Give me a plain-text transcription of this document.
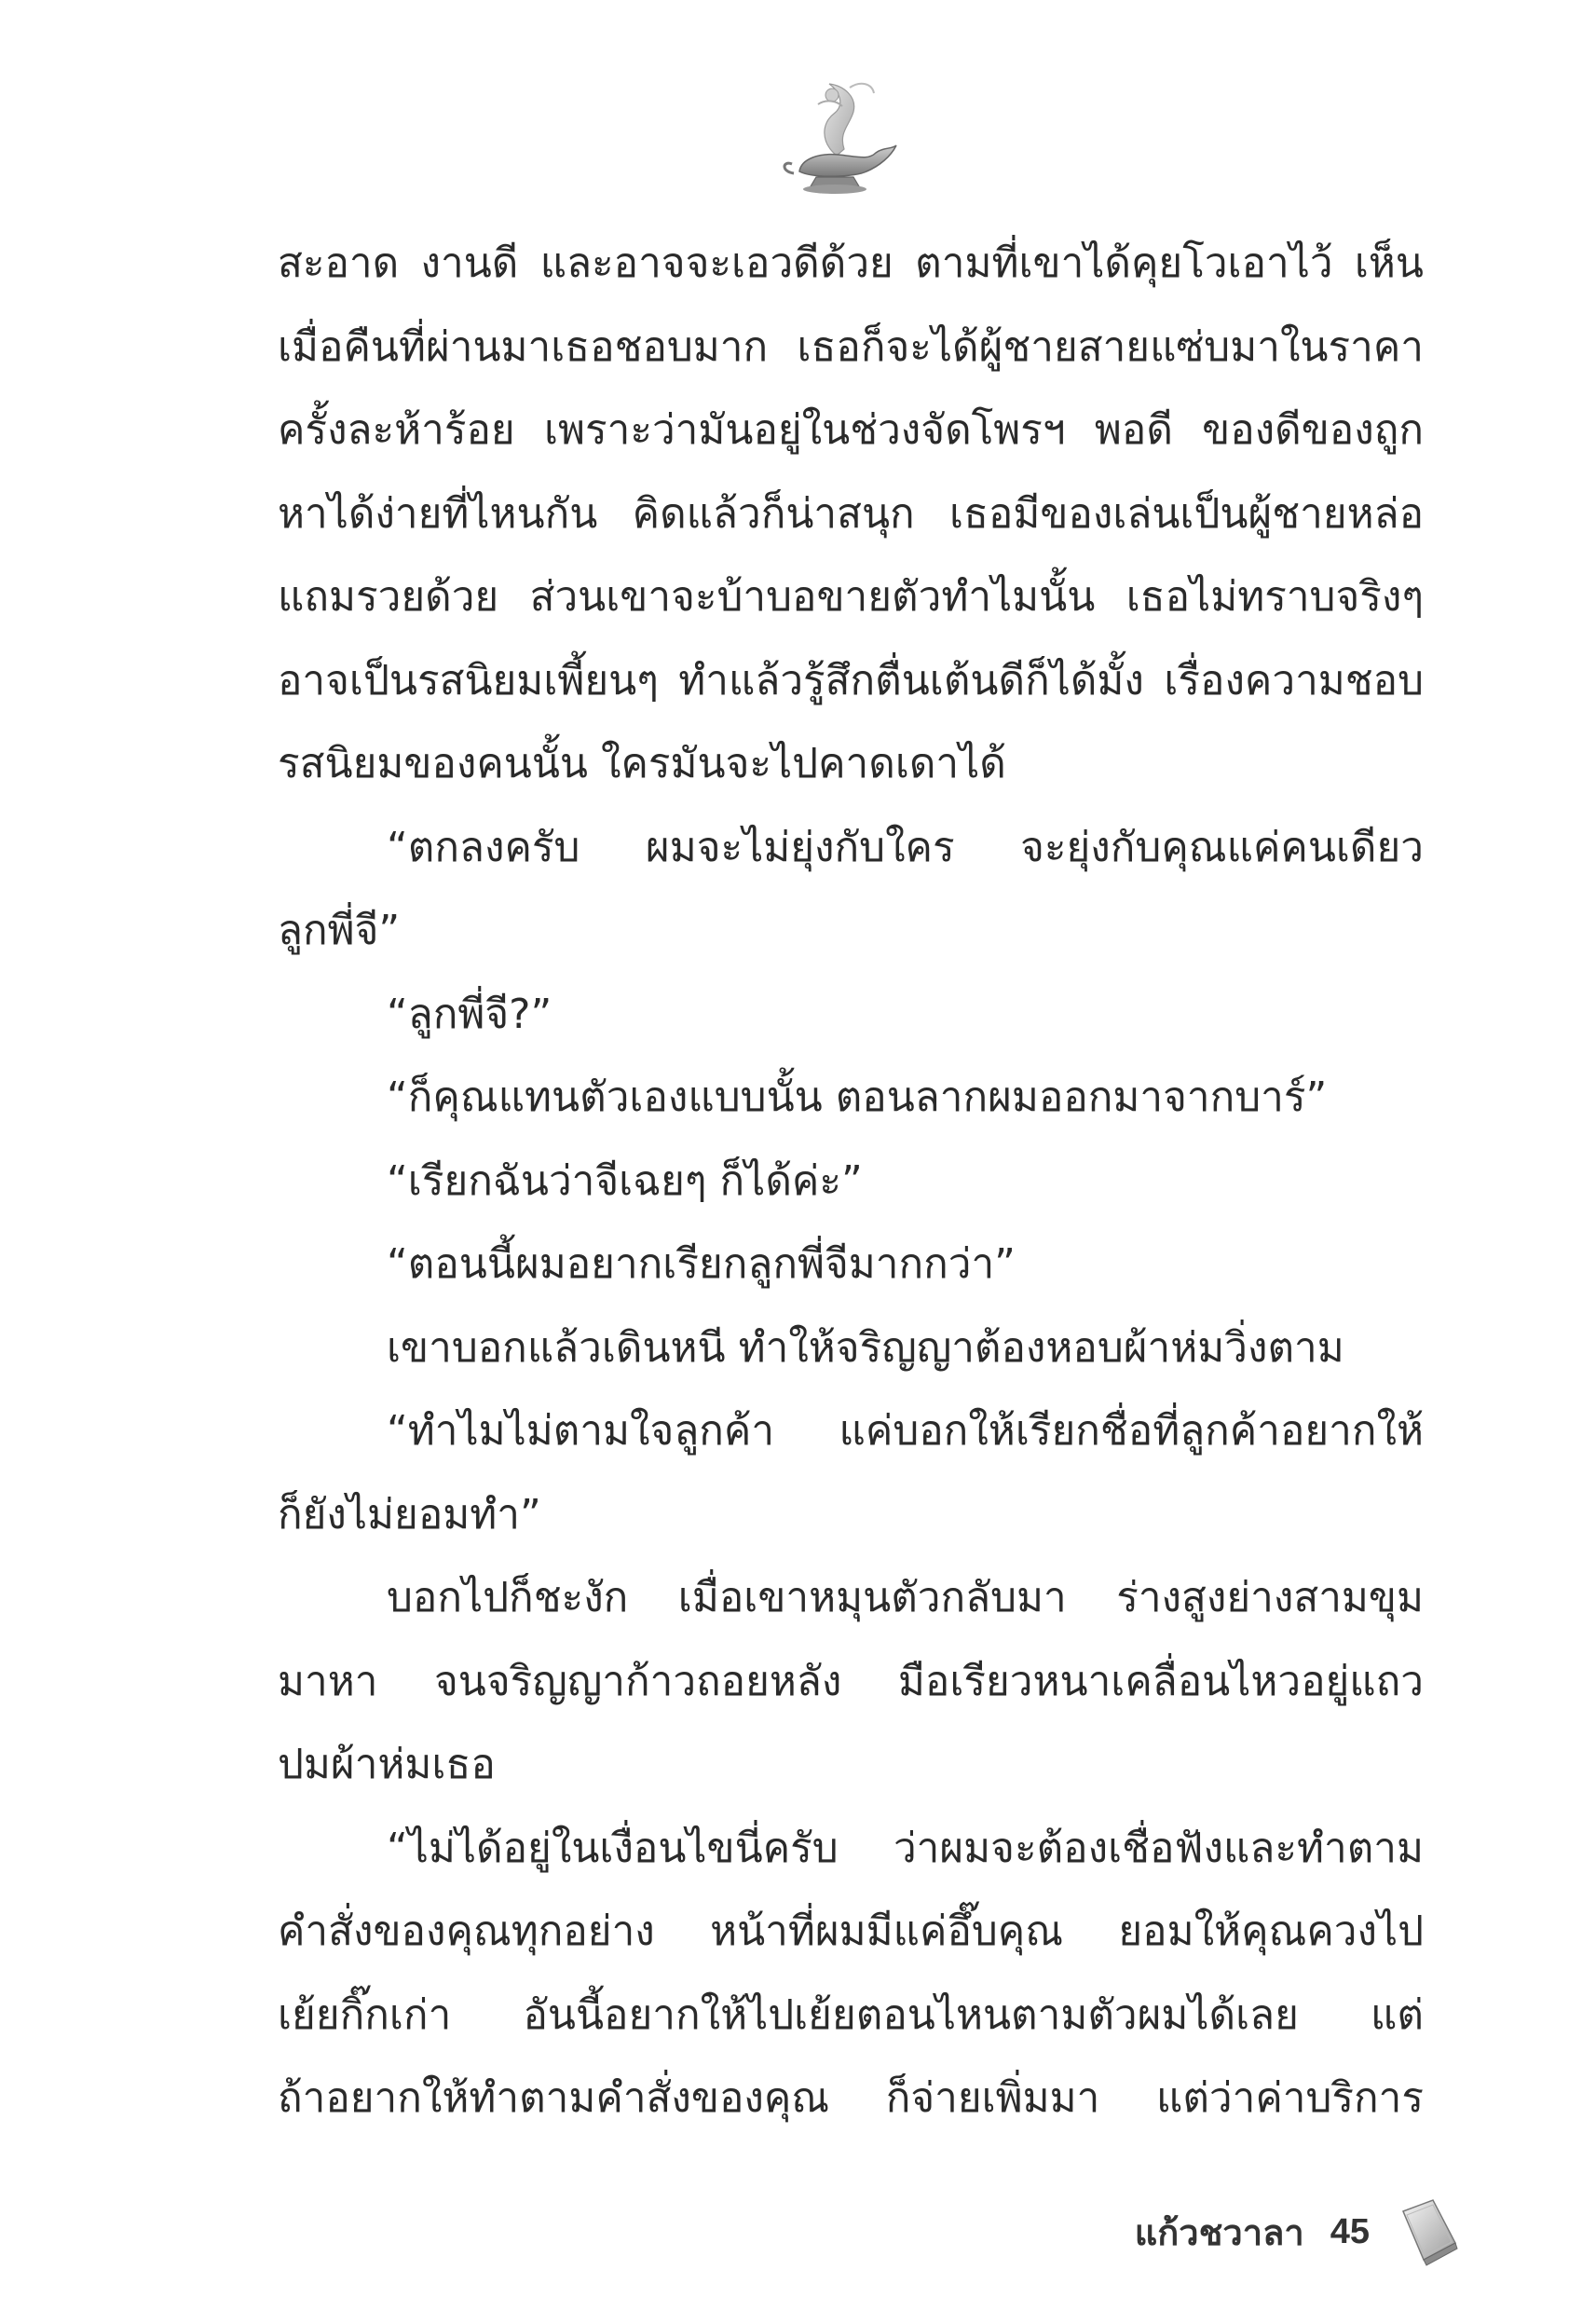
สะอาด งานดี และอาจจะเอวดีด้วย ตามที่เขาได้คุยโวเอาไว้ เห็น
เมื่อคืนที่ผ่านมาเธอชอบมาก เธอก็จะได้ผู้ชายสายแซ่บมาในราคา
ครั้งละห้าร้อย เพราะว่ามันอยู่ในช่วงจัดโพรฯ พอดี ของดีของถูก
หาได้ง่ายที่ไหนกัน คิดแล้วก็น่าสนุก เธอมีของเล่นเป็นผู้ชายหล่อ
แถมรวยด้วย ส่วนเขาจะบ้าบอขายตัวทำไมนั้น เธอไม่ทราบจริงๆ
อาจเป็นรสนิยมเพี้ยนๆ ทำแล้วรู้สึกตื่นเต้นดีก็ได้มั้ง เรื่องความชอบ
รสนิยมของคนนั้น ใครมันจะไปคาดเดาได้
“ตกลงครับ ผมจะไม่ยุ่งกับใคร จะยุ่งกับคุณแค่คนเดียว
ลูกพี่จี”
“ลูกพี่จี?”
“ก็คุณแทนตัวเองแบบนั้น ตอนลากผมออกมาจากบาร์”
“เรียกฉันว่าจีเฉยๆ ก็ได้ค่ะ”
“ตอนนี้ผมอยากเรียกลูกพี่จีมากกว่า”
เขาบอกแล้วเดินหนี ทำให้จริญญาต้องหอบผ้าห่มวิ่งตาม
“ทำไมไม่ตามใจลูกค้า แค่บอกให้เรียกชื่อที่ลูกค้าอยากให้
ก็ยังไม่ยอมทำ”
บอกไปก็ชะงัก เมื่อเขาหมุนตัวกลับมา ร่างสูงย่างสามขุม
มาหา จนจริญญาก้าวถอยหลัง มือเรียวหนาเคลื่อนไหวอยู่แถว
ปมผ้าห่มเธอ
“ไม่ได้อยู่ในเงื่อนไขนี่ครับ ว่าผมจะต้องเชื่อฟังและทำตาม
คำสั่งของคุณทุกอย่าง หน้าที่ผมมีแค่อึ๊บคุณ ยอมให้คุณควงไป
เย้ยกิ๊กเก่า อันนี้อยากให้ไปเย้ยตอนไหนตามตัวผมได้เลย แต่
ถ้าอยากให้ทำตามคำสั่งของคุณ ก็จ่ายเพิ่มมา แต่ว่าค่าบริการ
แก้วชวาลา 45
